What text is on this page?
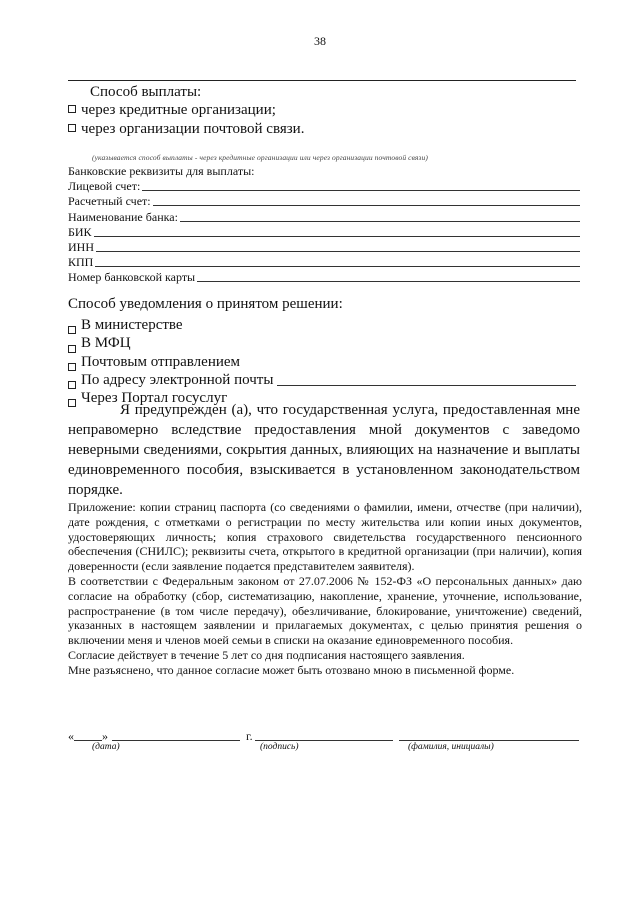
38
Способ выплаты:
через кредитные организации;
через организации почтовой связи.
(указывается способ выплаты - через кредитные организации или через организации почтовой связи)
Банковские реквизиты для выплаты:
Лицевой счет:
Расчетный счет:
Наименование банка:
БИК
ИНН
КПП
Номер банковской карты
Способ уведомления о принятом решении:
В министерстве
В МФЦ
Почтовым отправлением
По адресу электронной почты
Через Портал госуслуг
Я предупрежден (а), что государственная услуга, предоставленная мне неправомерно вследствие предоставления мной документов с заведомо неверными сведениями, сокрытия данных, влияющих на назначение и выплаты единовременного пособия, взыскивается в установленном законодательством порядке.

Приложение: копии страниц паспорта (со сведениями о фамилии, имени, отчестве (при наличии), дате рождения, с отметками о регистрации по месту жительства или копии иных документов, удостоверяющих личность; копия страхового свидетельства государственного пенсионного обеспечения (СНИЛС); реквизиты счета, открытого в кредитной организации (при наличии), копия доверенности (если заявление подается представителем заявителя).

В соответствии с Федеральным законом от 27.07.2006 № 152-ФЗ «О персональных данных» даю согласие на обработку (сбор, систематизацию, накопление, хранение, уточнение, использование, распространение (в том числе передачу), обезличивание, блокирование, уничтожение) сведений, указанных в настоящем заявлении и прилагаемых документах, с целью принятия решения о включении меня и членов моей семьи в списки на оказание единовременного пособия.

Согласие действует в течение 5 лет со дня подписания настоящего заявления.

Мне разъяснено, что данное согласие может быть отозвано мною в письменной форме.

« »	г.
(дата)	(подпись)	(фамилия, инициалы)
